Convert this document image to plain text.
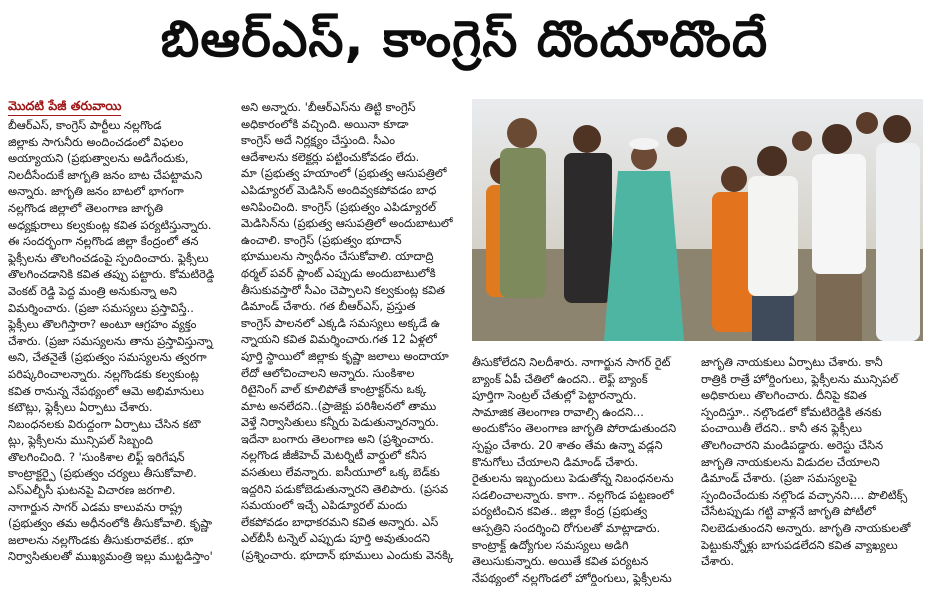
బిఆర్‌ఎస్, కాంగ్రెస్ దొందూదొందే
మొదటి పేజీ తరువాయి
బీఆర్ఎస్, కాంగ్రెస్ పార్టీలు నల్లగొండ
జిల్లాకు సాగునీరు అందించడంలో విఫలం
అయ్యాయని (ప్రభుత్వాలను అడిగేందుకు,
నిలదీసేందుకే జాగృతి జనం బాట చేపట్టామని
అన్నారు. జాగృతి జనం బాటలో భాగంగా
నల్లగొండ జిల్లాలో తెలంగాణ జాగృతి
అధ్యక్షురాలు కల్వకుంట్ల కవిత పర్యటిస్తున్నారు.
ఈ సందర్భంగా నల్లగొండ జిల్లా కేంద్రంలో తన
ఫ్లెక్సీలను తొలగించడంపై స్పందించారు. ఫ్లెక్సీలు
తొలగించడానికి కవిత తప్పు పట్టారు. కోమటిరెడ్డి
వెంకట్ రెడ్డి పెద్ద మంత్రి అనుకున్నా అని
విమర్శించారు. (ప్రజా సమస్యలు ప్రస్తావిస్తే..
ఫ్లెక్సీలు తొలగిస్తారా? అంటూ ఆగ్రహం వ్యక్తం
చేశారు. (ప్రజా సమస్యలను తాను ప్రస్తావిస్తున్నా
అని, చేతనైతే (ప్రభుత్వం సమస్యలను త్వరగా
పరిష్కరించాలన్నారు. నల్లగొండకు కల్వకుంట్ల
కవిత రానున్న నేపథ్యంలో ఆమె అభిమానులు
కటౌట్లు, ఫ్లెక్సీలు ఏర్పాటు చేశారు.
నిబంధనలకు విరుద్ధంగా ఏర్పాటు చేసిన కటౌ
ట్లు, ఫ్లెక్సీలను మున్సిపల్ సిబ్బంది
తొలగించింది. ? 'సుంకిశాల లిఫ్ట్ ఇరిగేషన్
కాంట్రాక్టర్పై (ప్రభుత్వం చర్యలు తీసుకోవాలి.
ఎస్ఎల్బీసీ ఘటనపై విచారణ జరగాలి.
నాగార్జున సాగర్ ఎడమ కాలువను రాష్ట్ర
(ప్రభుత్వం తమ అధీనంలోకి తీసుకోవాలి. కృష్ణా
జలాలను నల్లగొండకు తీసుకురావలేక.. భూ
నిర్వాసితులతో ముఖ్యమంత్రి ఇల్లు ముట్టడిస్తాం'
అని అన్నారు. 'బీఆర్ఎస్‌ను తిట్టి కాంగ్రెస్
అధికారంలోకి వచ్చింది. అయినా కూడా
కాంగ్రెస్ అదే నిర్లక్ష్యం చేస్తుంది. సీఎం
ఆదేశాలను కలెక్టర్లు పట్టించుకోవడం లేదు.
మా (ప్రభుత్వ హయాంలో (ప్రభుత్వ ఆసుపత్రిలో
ఎపిడ్యూరల్ మెడిసిన్ అందివ్వకపోవడం బాధ
అనిపించింది. కాంగ్రెస్ (ప్రభుత్వం ఎపిడ్యూరల్
మెడిసిన్‌ను (ప్రభుత్వ ఆసుపత్రిలో అందుబాటులో
ఉంచాలి. కాంగ్రెస్ (ప్రభుత్వం భూదాన్
భూములను స్వాధీనం చేసుకోవాలి. యాదాద్రి
థర్మల్ పవర్ ప్లాంట్ ఎప్పుడు అందుబాటులోకి
తీసుకువస్తారో సీఎం చెప్పాలని కల్వకుంట్ల కవిత
డిమాండ్ చేశారు. గత బీఆర్ఎస్, ప్రస్తుత
కాంగ్రెస్ పాలనలో ఎక్కడి సమస్యలు అక్కడే ఉ
న్నాయని కవిత విమర్శించారు.గత 12 ఏళ్లలో
పూర్తి స్థాయిలో జిల్లాకు కృష్ణా జలాలు అందాయా
లేదో ఆలోచించాలని అన్నారు. సుంకిశాల
రిటైనింగ్ వాల్ కూలిపోతే కాంట్రాక్టర్‌ను ఒక్క
మాట అనలేదని..(ప్రాజెక్టు పరిశీలనలో తాము
వెళ్తే నిర్వాసితులు కన్నీరు పెడుతున్నారన్నారు.
ఇదేనా బంగారు తెలంగాణ అని (ప్రశ్నించారు.
నల్లగొండ జీజీహెచ్ మెటర్నిటీ వార్డులో కనీస
వసతులు లేవన్నారు. ఐసీయూలో ఒక్క బెడ్‌కు
ఇద్దరిని పడుకోబెడుతున్నారని తెలిపారు. (ప్రసవ
సమయంలో ఇచ్చే ఎపిడ్యూరల్ మందు
లేకపోవడం బాధాకరమని కవిత అన్నారు. ఎస్
ఎల్‌బీసీ టన్నెల్ ఎప్పుడు పూర్తి అవుతుందని
(ప్రశ్నించారు. భూదాన్ భూములు ఎందుకు వెనక్కి
తీసుకోలేదని నిలదీశారు. నాగార్జున సాగర్ రైట్
బ్యాంక్ ఏపీ చేతిలో ఉందని.. లెఫ్ట్ బ్యాంక్
పూర్తిగా సెంట్రల్ చేతుల్లో పెట్టారన్నారు.
సామాజిక తెలంగాణ రావాల్సి ఉందని...
అందుకోసం తెలంగాణ జాగృతి పోరాడుతుందని
స్పష్టం చేశారు. 20 శాతం తేమ ఉన్నా వడ్లని
కొనుగోలు చేయాలని డిమాండ్ చేశారు.
రైతులను ఇబ్బందులు పెడుతోన్న నిబంధనలను
సడలించాలన్నారు. కాగా.. నల్లగొండ పట్టణంలో
పర్యటించిన కవిత.. జిల్లా కేంద్ర (ప్రభుత్వ
ఆస్పత్రిని సందర్శించి రోగులతో మాట్లాడారు.
కాంట్రాక్ట్ ఉద్యోగుల సమస్యలు అడిగి
తెలుసుకున్నారు. అయితే కవిత పర్యటన
నేపథ్యంలో నల్లగొండలో హోర్డింగులు, ఫ్లెక్సీలను
జాగృతి నాయకులు ఏర్పాటు చేశారు. కానీ
రాత్రికి రాత్రే హోర్డింగులు, ఫ్లెక్సీలను మున్సిపల్
అధికారులు తొలగించారు. దీనిపై కవిత
స్పందిస్తూ.. నల్గొండలో కోమటిరెడ్డికి తనకు
పంచాయితీ లేదని.. కానీ తన ఫ్లెక్సీలు
తొలగించారని మండిపడ్డారు. అరెస్టు చేసిన
జాగృతి నాయకులను విడుదల చేయాలని
డిమాండ్ చేశారు. (ప్రజా సమస్యలపై
స్పందించేందుకు నల్గొండ వచ్చానని.... పొలిటిక్స్
చేసేటప్పుడు గట్టి వాళ్లనే జాగృతి పోటీలో
నిలబెడుతుందని అన్నారు. జాగృతి నాయకులతో
పెట్టుకున్నోళ్లు బాగుపడలేదని కవిత వ్యాఖ్యలు
చేశారు.
